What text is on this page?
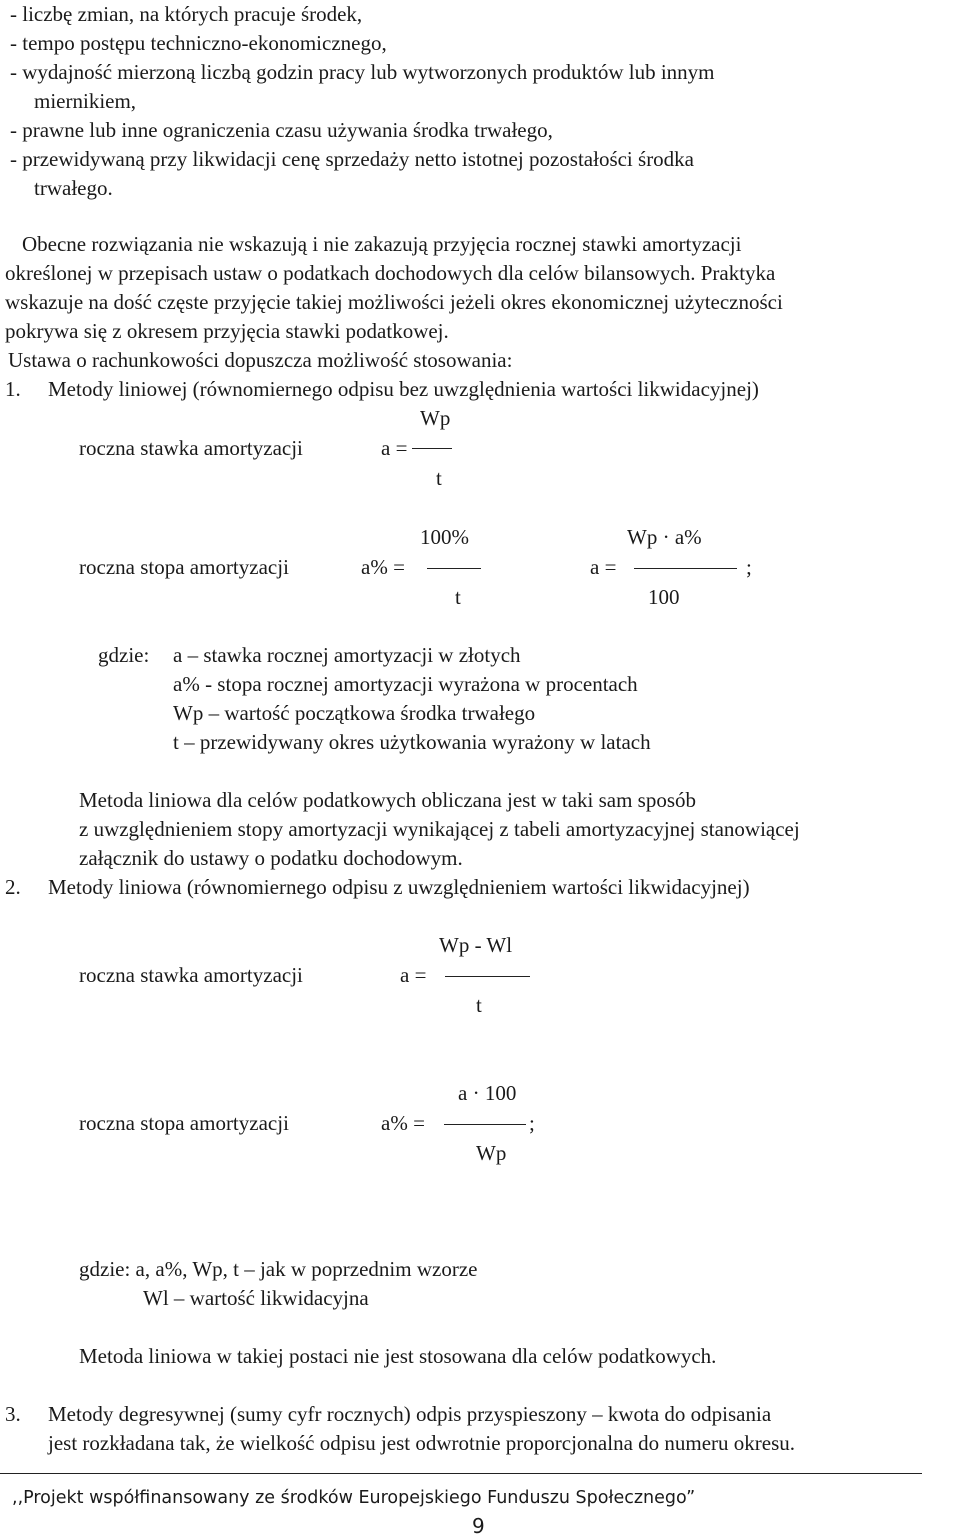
- liczbę zmian, na których pracuje środek,
- tempo postępu techniczno-ekonomicznego,
- wydajność mierzoną liczbą godzin pracy lub wytworzonych produktów lub innym
miernikiem,
- prawne lub inne ograniczenia czasu używania środka trwałego,
- przewidywaną przy likwidacji cenę sprzedaży netto istotnej pozostałości środka
trwałego.
Obecne rozwiązania nie wskazują i nie zakazują przyjęcia rocznej stawki amortyzacji
określonej w przepisach ustaw o podatkach dochodowych dla celów bilansowych. Praktyka
wskazuje na dość częste przyjęcie takiej możliwości jeżeli okres ekonomicznej użyteczności
pokrywa się z okresem przyjęcia stawki podatkowej.
Ustawa o rachunkowości dopuszcza możliwość stosowania:
1. Metody liniowej (równomiernego odpisu bez uwzględnienia wartości likwidacyjnej)
Wp
roczna stawka amortyzacji	a =
t
100%	Wp · a%
roczna stopa amortyzacji	a% =	a =	;
t	100
gdzie: a – stawka rocznej amortyzacji w złotych
a% - stopa rocznej amortyzacji wyrażona w procentach
Wp – wartość początkowa środka trwałego
t – przewidywany okres użytkowania wyrażony w latach
Metoda liniowa dla celów podatkowych obliczana jest w taki sam sposób
z uwzględnieniem stopy amortyzacji wynikającej z tabeli amortyzacyjnej stanowiącej
załącznik do ustawy o podatku dochodowym.
2. Metody liniowa (równomiernego odpisu z uwzględnieniem wartości likwidacyjnej)
Wp - Wl
roczna stawka amortyzacji	a =
t
a · 100
roczna stopa amortyzacji	a% =	;
Wp
gdzie: a, a%, Wp, t – jak w poprzednim wzorze
Wl – wartość likwidacyjna
Metoda liniowa w takiej postaci nie jest stosowana dla celów podatkowych.
3. Metody degresywnej (sumy cyfr rocznych) odpis przyspieszony – kwota do odpisania
jest rozkładana tak, że wielkość odpisu jest odwrotnie proporcjonalna do numeru okresu.
,,Projekt współfinansowany ze środków Europejskiego Funduszu Społecznego”
9
